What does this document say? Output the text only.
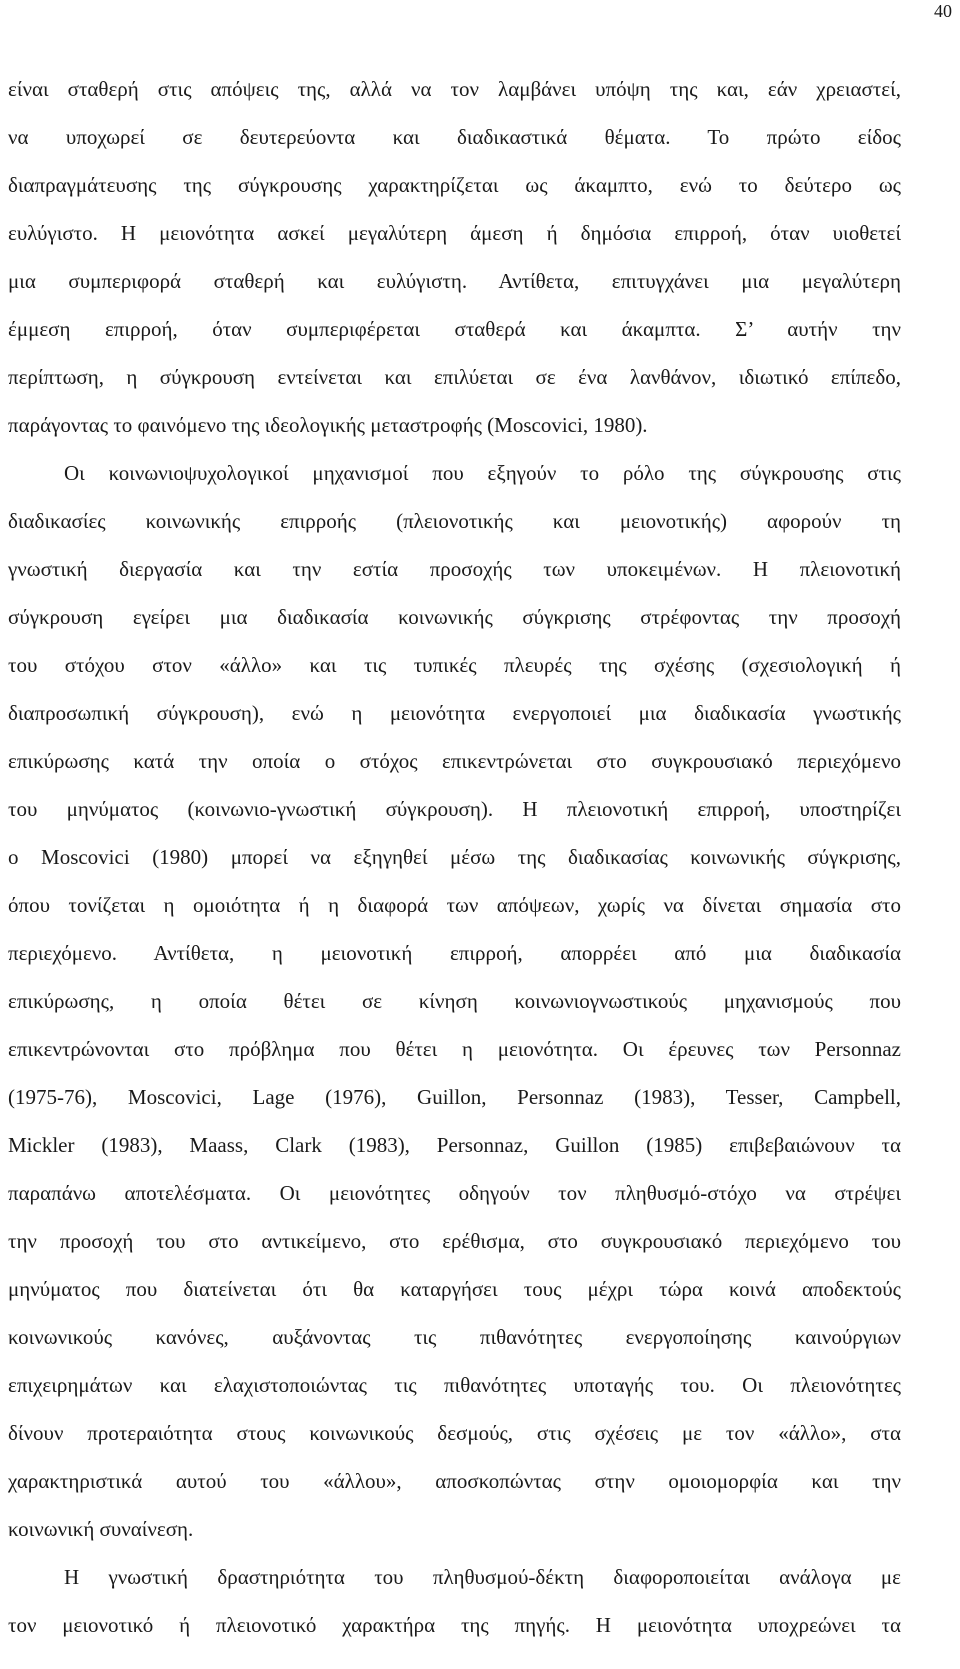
40
είναι σταθερή στις απόψεις της, αλλά να τον λαμβάνει υπόψη της και, εάν χρειαστεί,
να υποχωρεί σε δευτερεύοντα και διαδικαστικά θέματα. Το πρώτο είδος
διαπραγμάτευσης της σύγκρουσης χαρακτηρίζεται ως άκαμπτο, ενώ το δεύτερο ως
ευλύγιστο. Η μειονότητα ασκεί μεγαλύτερη άμεση ή δημόσια επιρροή, όταν υιοθετεί
μια συμπεριφορά σταθερή και ευλύγιστη. Αντίθετα, επιτυγχάνει μια μεγαλύτερη
έμμεση επιρροή, όταν συμπεριφέρεται σταθερά και άκαμπτα. Σ’ αυτήν την
περίπτωση, η σύγκρουση εντείνεται και επιλύεται σε ένα λανθάνον, ιδιωτικό επίπεδο,
παράγοντας το φαινόμενο της ιδεολογικής μεταστροφής (Moscovici, 1980).
Οι κοινωνιοψυχολογικοί μηχανισμοί που εξηγούν το ρόλο της σύγκρουσης στις
διαδικασίες κοινωνικής επιρροής (πλειονοτικής και μειονοτικής) αφορούν τη
γνωστική διεργασία και την εστία προσοχής των υποκειμένων. Η πλειονοτική
σύγκρουση εγείρει μια διαδικασία κοινωνικής σύγκρισης στρέφοντας την προσοχή
του στόχου στον «άλλο» και τις τυπικές πλευρές της σχέσης (σχεσιολογική ή
διαπροσωπική σύγκρουση), ενώ η μειονότητα ενεργοποιεί μια διαδικασία γνωστικής
επικύρωσης κατά την οποία ο στόχος επικεντρώνεται στο συγκρουσιακό περιεχόμενο
του μηνύματος (κοινωνιο-γνωστική σύγκρουση). Η πλειονοτική επιρροή, υποστηρίζει
ο Moscovici (1980) μπορεί να εξηγηθεί μέσω της διαδικασίας κοινωνικής σύγκρισης,
όπου τονίζεται η ομοιότητα ή η διαφορά των απόψεων, χωρίς να δίνεται σημασία στο
περιεχόμενο. Αντίθετα, η μειονοτική επιρροή, απορρέει από μια διαδικασία
επικύρωσης, η οποία θέτει σε κίνηση κοινωνιογνωστικούς μηχανισμούς που
επικεντρώνονται στο πρόβλημα που θέτει η μειονότητα. Οι έρευνες των Personnaz
(1975-76), Moscovici, Lage (1976), Guillon, Personnaz (1983), Tesser, Campbell,
Mickler (1983), Maass, Clark (1983), Personnaz, Guillon (1985) επιβεβαιώνουν τα
παραπάνω αποτελέσματα. Οι μειονότητες οδηγούν τον πληθυσμό-στόχο να στρέψει
την προσοχή του στο αντικείμενο, στο ερέθισμα, στο συγκρουσιακό περιεχόμενο του
μηνύματος που διατείνεται ότι θα καταργήσει τους μέχρι τώρα κοινά αποδεκτούς
κοινωνικούς κανόνες, αυξάνοντας τις πιθανότητες ενεργοποίησης καινούργιων
επιχειρημάτων και ελαχιστοποιώντας τις πιθανότητες υποταγής του. Οι πλειονότητες
δίνουν προτεραιότητα στους κοινωνικούς δεσμούς, στις σχέσεις με τον «άλλο», στα
χαρακτηριστικά αυτού του «άλλου», αποσκοπώντας στην ομοιομορφία και την
κοινωνική συναίνεση.
Η γνωστική δραστηριότητα του πληθυσμού-δέκτη διαφοροποιείται ανάλογα με
τον μειονοτικό ή πλειονοτικό χαρακτήρα της πηγής. Η μειονότητα υποχρεώνει τα
